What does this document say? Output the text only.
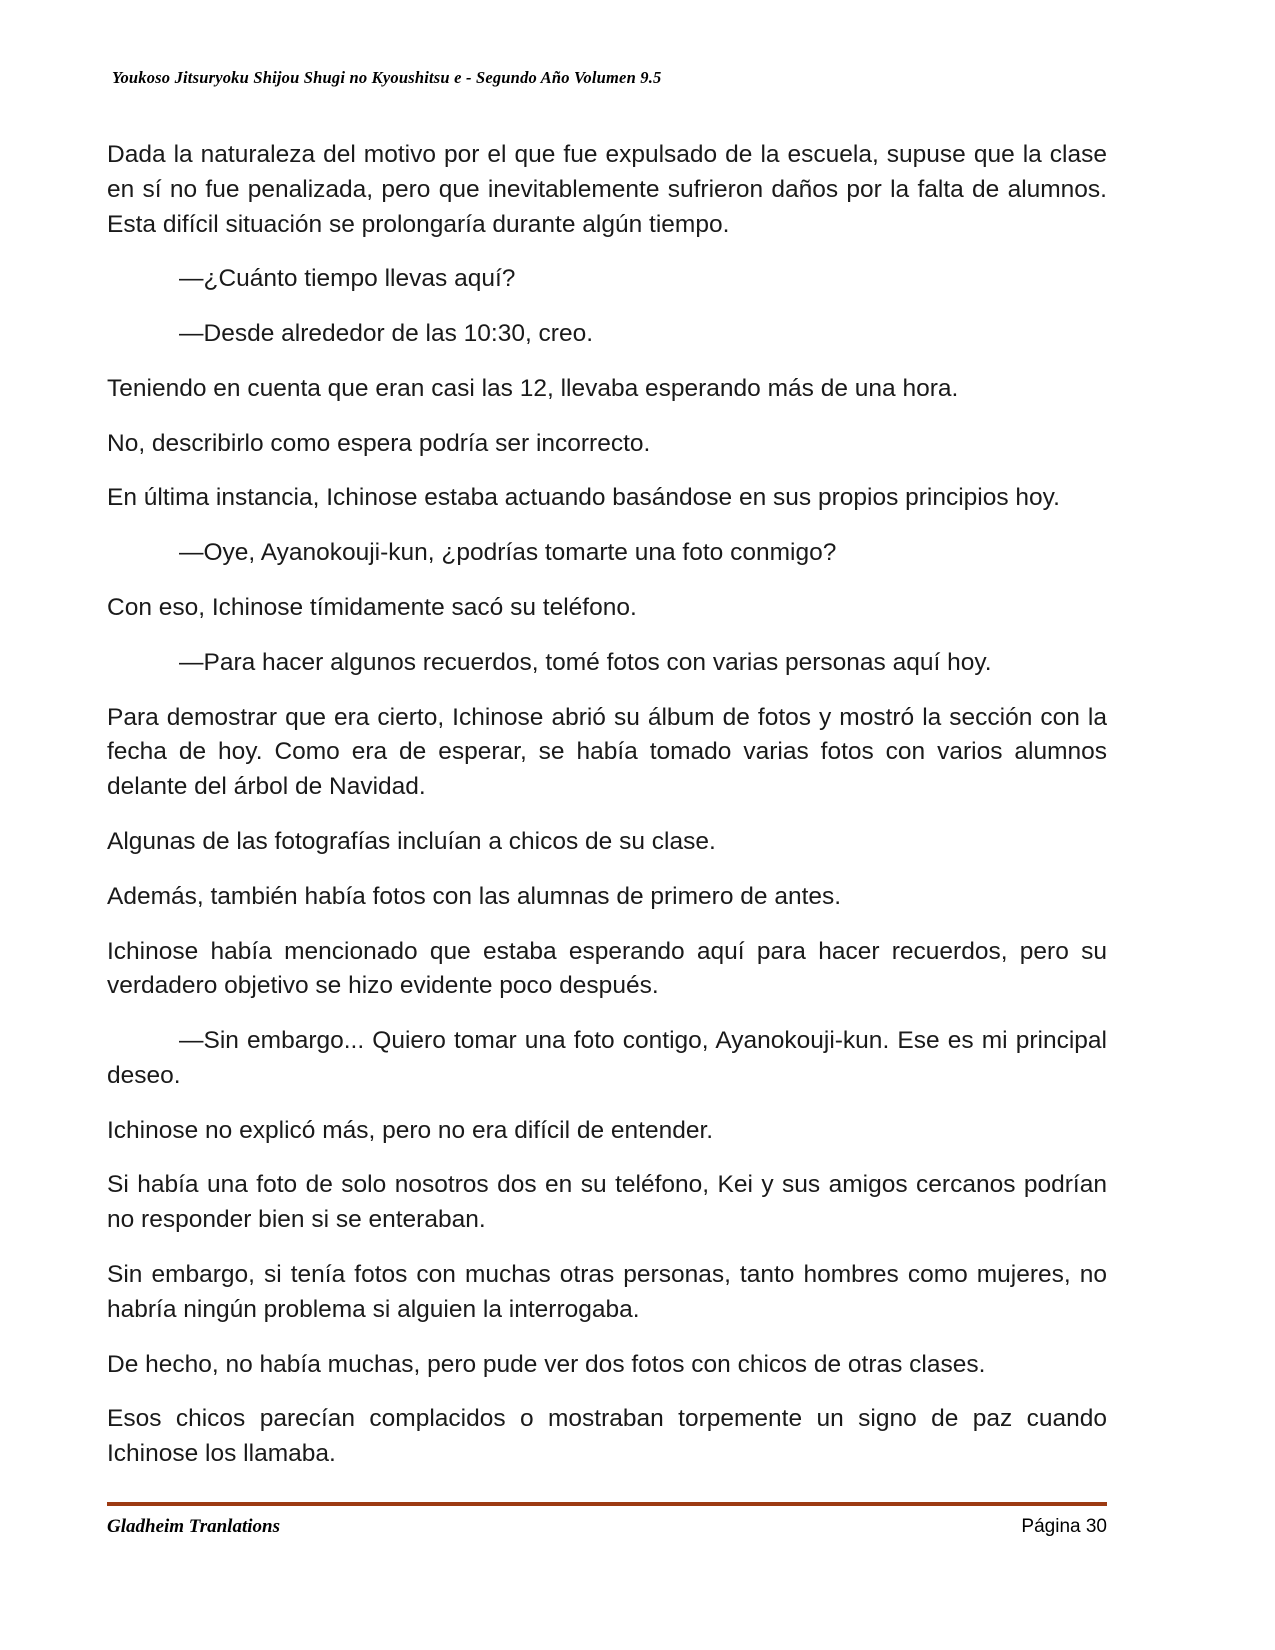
Youkoso Jitsuryoku Shijou Shugi no Kyoushitsu e - Segundo Año Volumen 9.5

Dada la naturaleza del motivo por el que fue expulsado de la escuela, supuse que la clase en sí no fue penalizada, pero que inevitablemente sufrieron daños por la falta de alumnos. Esta difícil situación se prolongaría durante algún tiempo.

—¿Cuánto tiempo llevas aquí?

—Desde alrededor de las 10:30, creo.

Teniendo en cuenta que eran casi las 12, llevaba esperando más de una hora.

No, describirlo como espera podría ser incorrecto.

En última instancia, Ichinose estaba actuando basándose en sus propios principios hoy.

—Oye, Ayanokouji-kun, ¿podrías tomarte una foto conmigo?

Con eso, Ichinose tímidamente sacó su teléfono.

—Para hacer algunos recuerdos, tomé fotos con varias personas aquí hoy.

Para demostrar que era cierto, Ichinose abrió su álbum de fotos y mostró la sección con la fecha de hoy. Como era de esperar, se había tomado varias fotos con varios alumnos delante del árbol de Navidad.

Algunas de las fotografías incluían a chicos de su clase.

Además, también había fotos con las alumnas de primero de antes.

Ichinose había mencionado que estaba esperando aquí para hacer recuerdos, pero su verdadero objetivo se hizo evidente poco después.

—Sin embargo... Quiero tomar una foto contigo, Ayanokouji-kun. Ese es mi principal deseo.

Ichinose no explicó más, pero no era difícil de entender.

Si había una foto de solo nosotros dos en su teléfono, Kei y sus amigos cercanos podrían no responder bien si se enteraban.

Sin embargo, si tenía fotos con muchas otras personas, tanto hombres como mujeres, no habría ningún problema si alguien la interrogaba.

De hecho, no había muchas, pero pude ver dos fotos con chicos de otras clases.

Esos chicos parecían complacidos o mostraban torpemente un signo de paz cuando Ichinose los llamaba.

Gladheim Tranlations	Página 30
